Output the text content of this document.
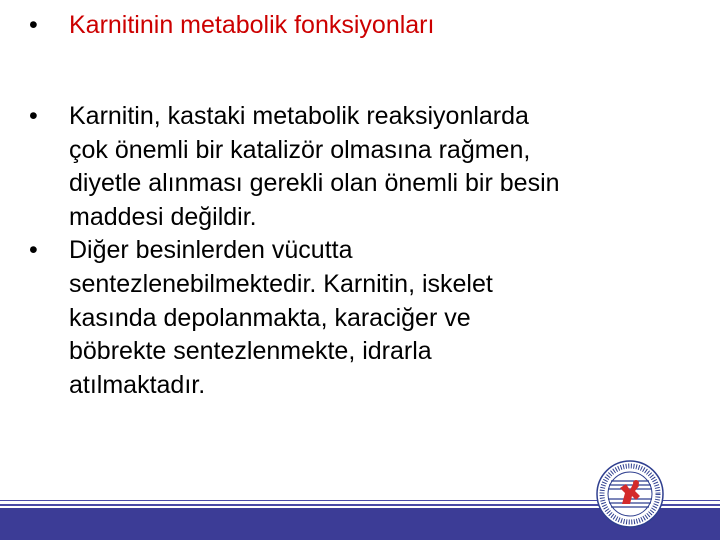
•	Karnitinin metabolik fonksiyonları
•	Karnitin, kastaki metabolik reaksiyonlarda
çok önemli bir katalizör olmasına rağmen,
diyetle alınması gerekli olan önemli bir besin
maddesi değildir.
•	Diğer besinlerden vücutta
sentezlenebilmektedir. Karnitin, iskelet
kasında depolanmakta, karaciğer ve
böbrekte sentezlenmekte, idrarla
atılmaktadır.
